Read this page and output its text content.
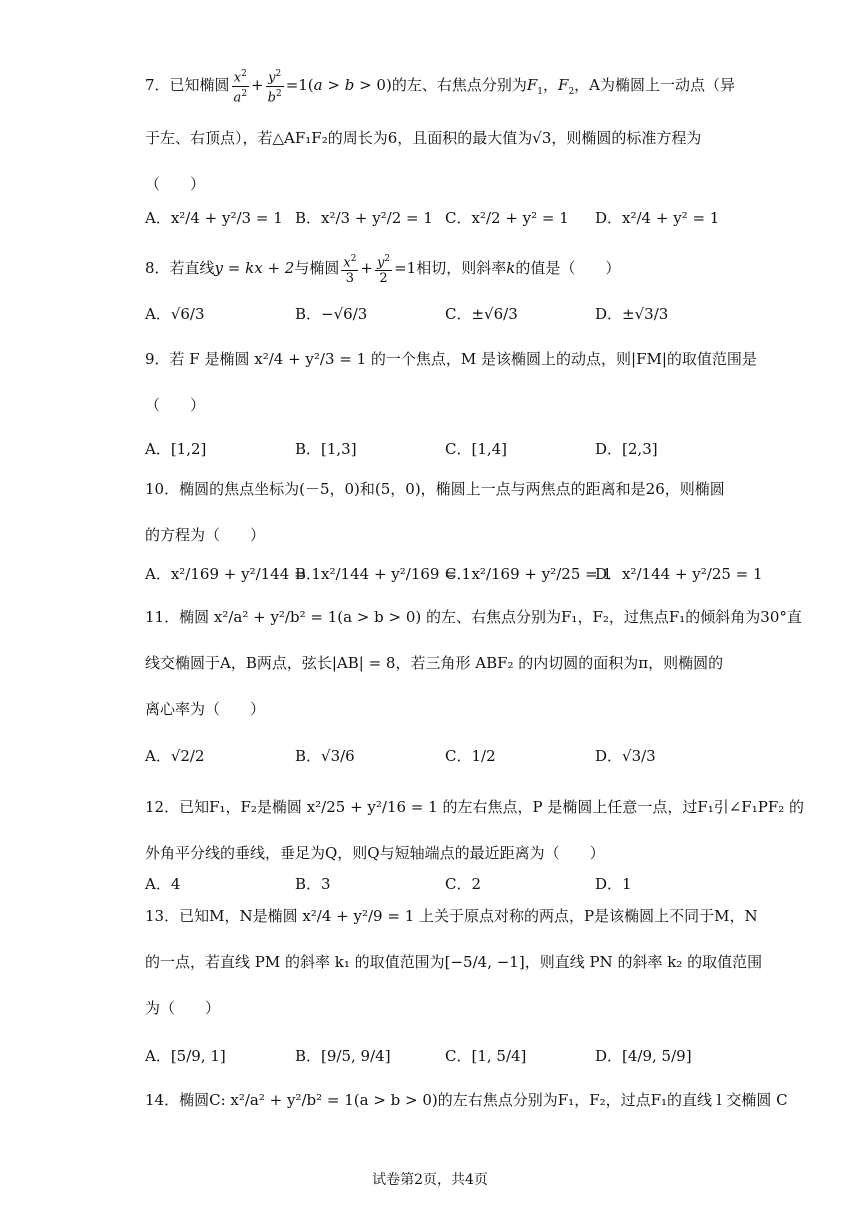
7．已知椭圆 $\frac{x^2}{a^2} + \frac{y^2}{b^2} =1(a > b > 0)$的左、右焦点分别为$F_1$，$F_2$，A为椭圆上一动点（异
于左、右顶点），若△AF₁F₂的周长为6，且面积的最大值为√3，则椭圆的标准方程为
（　　）
A．x²/4 + y²/3 = 1 B．x²/3 + y²/2 = 1 C．x²/2 + y² = 1 D．x²/4 + y² = 1
8．若直线y = kx + 2与椭圆 $\frac{x^2}{3} + \frac{y^2}{2} =1$相切，则斜率k的值是（　　）
A．√6/3	B．−√6/3	C．±√6/3	D．±√3/3
9．若 F 是椭圆 x²/4 + y²/3 = 1 的一个焦点，M 是该椭圆上的动点，则|FM|的取值范围是
（　　）
A．[1,2]	B．[1,3]	C．[1,4]	D．[2,3]
10．椭圆的焦点坐标为(－5，0)和(5，0)，椭圆上一点与两焦点的距离和是26，则椭圆
的方程为（　　）
A．x²/169 + y²/144 = 1
B．x²/144 + y²/169 = 1
C．x²/169 + y²/25 = 1
D．x²/144 + y²/25 = 1
11．椭圆 x²/a² + y²/b² = 1(a > b > 0) 的左、右焦点分别为F₁，F₂，过焦点F₁的倾斜角为30°直
线交椭圆于A，B两点，弦长|AB| = 8，若三角形 ABF₂ 的内切圆的面积为π，则椭圆的
离心率为（　　）
A．√2/2	B．√3/6	C．1/2	D．√3/3
12．已知F₁，F₂是椭圆 x²/25 + y²/16 = 1 的左右焦点，P 是椭圆上任意一点，过F₁引∠F₁PF₂ 的
外角平分线的垂线，垂足为Q，则Q与短轴端点的最近距离为（　　）
A．4	B．3	C．2	D．1
13．已知M，N是椭圆 x²/4 + y²/9 = 1 上关于原点对称的两点，P是该椭圆上不同于M，N
的一点，若直线 PM 的斜率 k₁ 的取值范围为[−5/4, −1]，则直线 PN 的斜率 k₂ 的取值范围
为（　　）
A．[5/9, 1]	B．[9/5, 9/4]	C．[1, 5/4]	D．[4/9, 5/9]
14．椭圆C: x²/a² + y²/b² = 1(a > b > 0)的左右焦点分别为F₁，F₂，过点F₁的直线 l 交椭圆 C
试卷第2页，共4页
